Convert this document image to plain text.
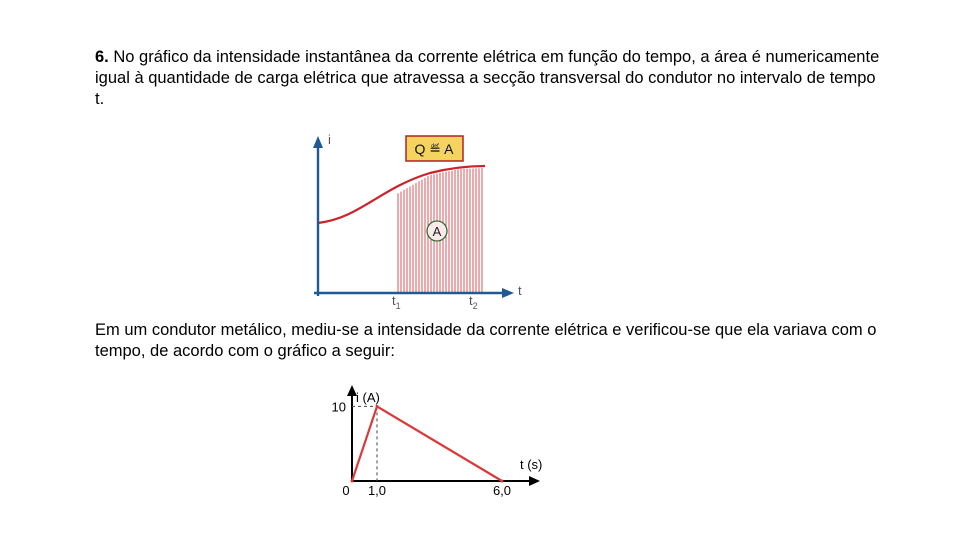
6. No gráfico da intensidade instantânea da corrente elétrica em função do tempo, a área é numericamente igual à quantidade de carga elétrica que atravessa a secção transversal do condutor no intervalo de tempo t.
i
t
Q ≝ A
A
$t_1$	$t_2$
Em um condutor metálico, mediu-se a intensidade da corrente elétrica e verificou-se que ela variava com o tempo, de acordo com o gráfico a seguir:
0 1,0	6,0
10
i (A)
t (s)
